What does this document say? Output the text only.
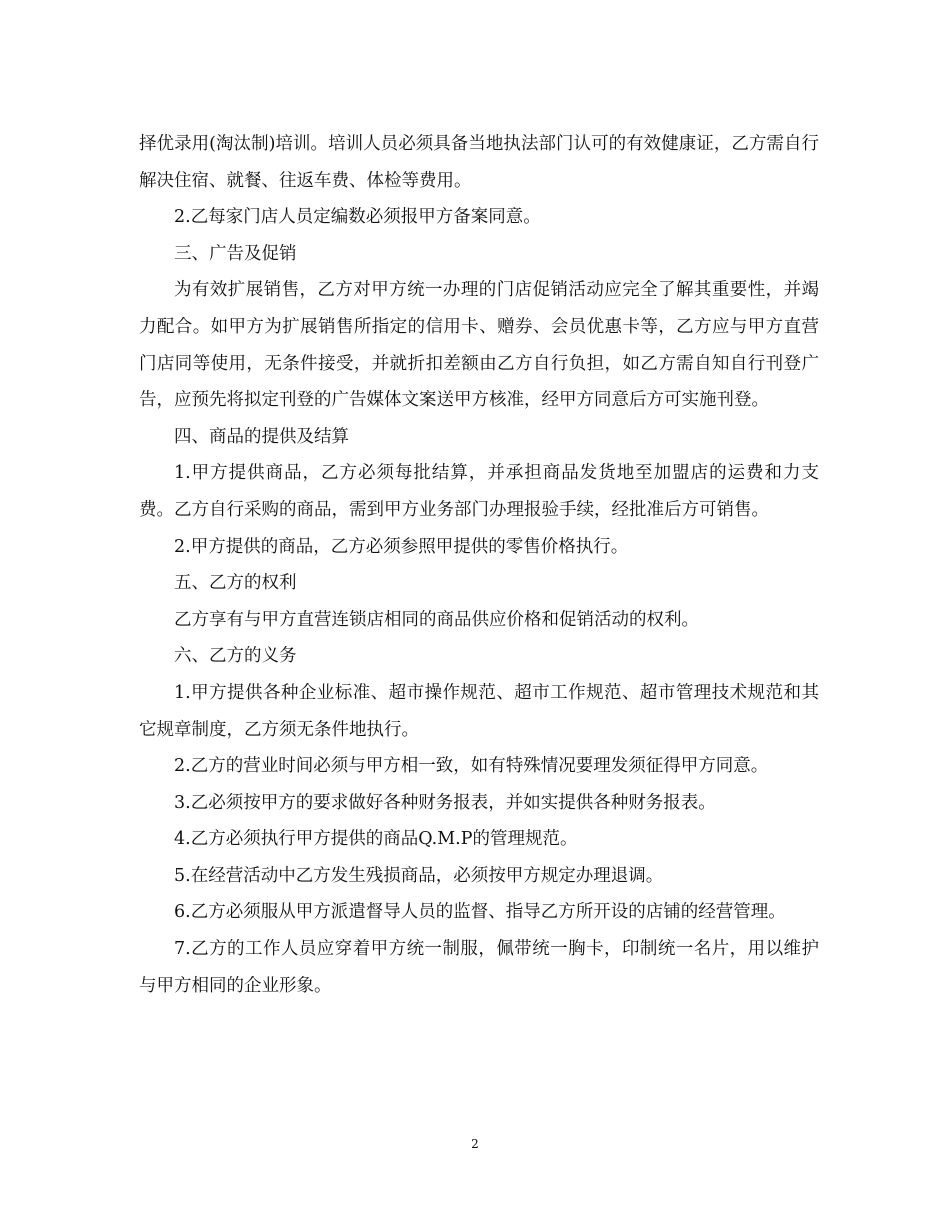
择优录用(淘汰制)培训。培训人员必须具备当地执法部门认可的有效健康证，乙方需自行解决住宿、就餐、往返车费、体检等费用。

2.乙每家门店人员定编数必须报甲方备案同意。

三、广告及促销

为有效扩展销售，乙方对甲方统一办理的门店促销活动应完全了解其重要性，并竭力配合。如甲方为扩展销售所指定的信用卡、赠券、会员优惠卡等，乙方应与甲方直营门店同等使用，无条件接受，并就折扣差额由乙方自行负担，如乙方需自知自行刊登广告，应预先将拟定刊登的广告媒体文案送甲方核准，经甲方同意后方可实施刊登。

四、商品的提供及结算

1.甲方提供商品，乙方必须每批结算，并承担商品发货地至加盟店的运费和力支费。乙方自行采购的商品，需到甲方业务部门办理报验手续，经批准后方可销售。

2.甲方提供的商品，乙方必须参照甲提供的零售价格执行。

五、乙方的权利

乙方享有与甲方直营连锁店相同的商品供应价格和促销活动的权利。

六、乙方的义务

1.甲方提供各种企业标准、超市操作规范、超市工作规范、超市管理技术规范和其它规章制度，乙方须无条件地执行。

2.乙方的营业时间必须与甲方相一致，如有特殊情况要理发须征得甲方同意。

3.乙必须按甲方的要求做好各种财务报表，并如实提供各种财务报表。

4.乙方必须执行甲方提供的商品Q.M.P的管理规范。

5.在经营活动中乙方发生残损商品，必须按甲方规定办理退调。

6.乙方必须服从甲方派遣督导人员的监督、指导乙方所开设的店铺的经营管理。

7.乙方的工作人员应穿着甲方统一制服，佩带统一胸卡，印制统一名片，用以维护与甲方相同的企业形象。

2
